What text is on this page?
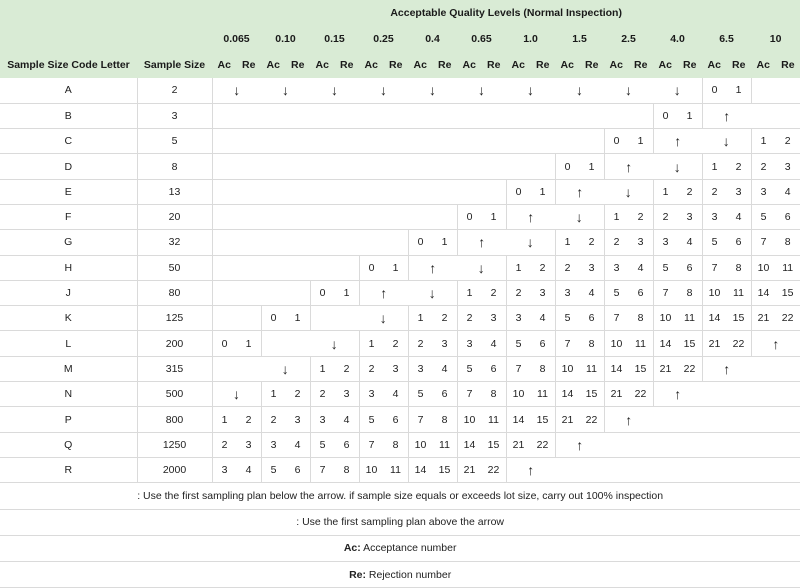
		Acceptable Quality Levels (Normal Inspection)																							
		0.065		0.10		0.15		0.25		0.4		0.65		1.0		1.5		2.5		4.0		6.5		10	
Sample Size Code Letter	Sample Size	Ac	Re	Ac	Re	Ac	Re	Ac	Re	Ac	Re	Ac	Re	Ac	Re	Ac	Re	Ac	Re	Ac	Re	Ac	Re	Ac	Re
A	2	↓		↓		↓		↓		↓		↓		↓		↓		↓		↓		0	1		
B	3																			0	1	↑			
C	5																	0	1	↑		↓		1	2
D	8															0	1	↑		↓		1	2	2	3
E	13													0	1	↑		↓		1	2	2	3	3	4
F	20											0	1	↑		↓		1	2	2	3	3	4	5	6
G	32									0	1	↑		↓		1	2	2	3	3	4	5	6	7	8
H	50							0	1	↑		↓		1	2	2	3	3	4	5	6	7	8	10	11
J	80					0	1	↑		↓		1	2	2	3	3	4	5	6	7	8	10	11	14	15
K	125			0	1			↓		1	2	2	3	3	4	5	6	7	8	10	11	14	15	21	22
L	200	0	1			↓		1	2	2	3	3	4	5	6	7	8	10	11	14	15	21	22	↑	
M	315			↓		1	2	2	3	3	4	5	6	7	8	10	11	14	15	21	22	↑			
N	500	↓		1	2	2	3	3	4	5	6	7	8	10	11	14	15	21	22	↑					
P	800	1	2	2	3	3	4	5	6	7	8	10	11	14	15	21	22	↑							
Q	1250	2	3	3	4	5	6	7	8	10	11	14	15	21	22	↑									
R	2000	3	4	5	6	7	8	10	11	14	15	21	22	↑											
: Use the first sampling plan below the arrow. if sample size equals or exceeds lot size, carry out 100% inspection																									
: Use the first sampling plan above the arrow																									
Ac: Acceptance number																									
Re: Rejection number																									
